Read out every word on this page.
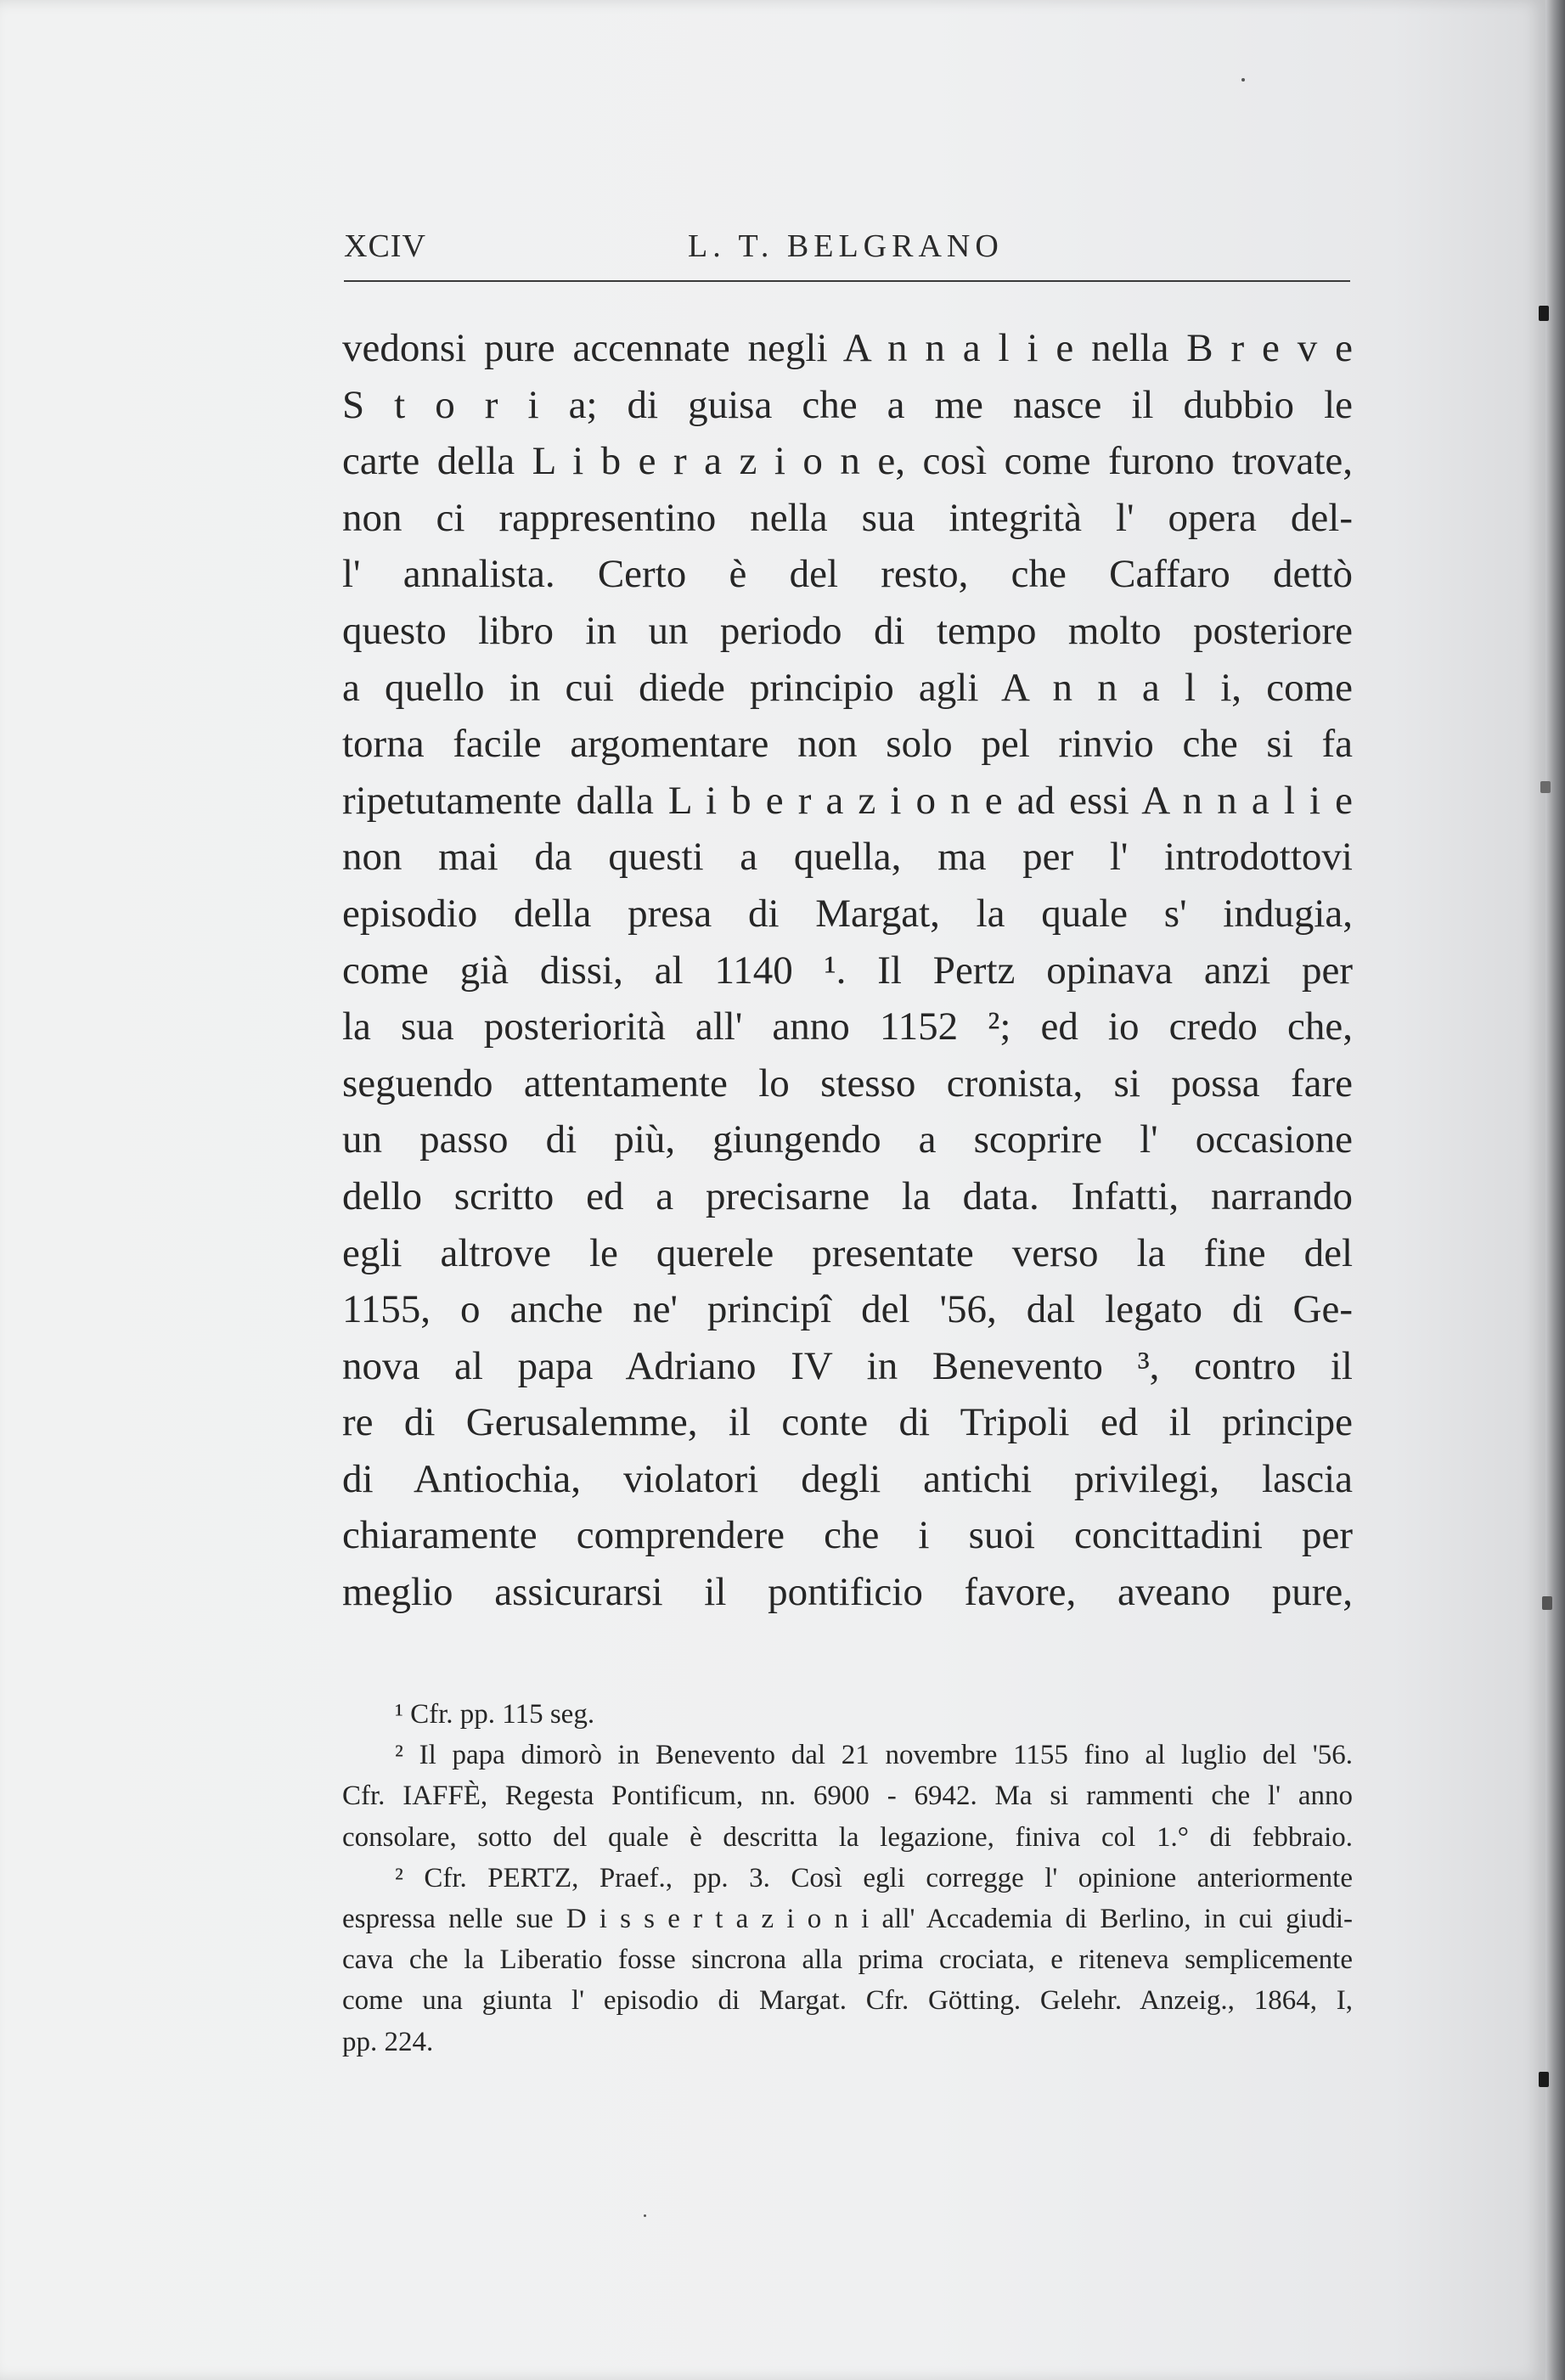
XCIV	L. T. BELGRANO
vedonsi pure accennate negli A n n a l i e nella B r e v e
S t o r i a; di guisa che a me nasce il dubbio le
carte della L i b e r a z i o n e, così come furono trovate,
non ci rappresentino nella sua integrità l' opera del-
l' annalista. Certo è del resto, che Caffaro dettò
questo libro in un periodo di tempo molto posteriore
a quello in cui diede principio agli A n n a l i, come
torna facile argomentare non solo pel rinvio che si fa
ripetutamente dalla L i b e r a z i o n e ad essi A n n a l i e
non mai da questi a quella, ma per l' introdottovi
episodio della presa di Margat, la quale s' indugia,
come già dissi, al 1140 ¹. Il Pertz opinava anzi per
la sua posteriorità all' anno 1152 ²; ed io credo che,
seguendo attentamente lo stesso cronista, si possa fare
un passo di più, giungendo a scoprire l' occasione
dello scritto ed a precisarne la data. Infatti, narrando
egli altrove le querele presentate verso la fine del
1155, o anche ne' principî del '56, dal legato di Ge-
nova al papa Adriano IV in Benevento ³, contro il
re di Gerusalemme, il conte di Tripoli ed il principe
di Antiochia, violatori degli antichi privilegi, lascia
chiaramente comprendere che i suoi concittadini per
meglio assicurarsi il pontificio favore, aveano pure,
¹ Cfr. pp. 115 seg.
² Il papa dimorò in Benevento dal 21 novembre 1155 fino al luglio del '56.
Cfr. IAFFÈ, Regesta Pontificum, nn. 6900 - 6942. Ma si rammenti che l' anno
consolare, sotto del quale è descritta la legazione, finiva col 1.° di febbraio.
² Cfr. PERTZ, Praef., pp. 3. Così egli corregge l' opinione anteriormente
espressa nelle sue D i s s e r t a z i o n i all' Accademia di Berlino, in cui giudi-
cava che la Liberatio fosse sincrona alla prima crociata, e riteneva semplicemente
come una giunta l' episodio di Margat. Cfr. Götting. Gelehr. Anzeig., 1864, I,
pp. 224.
